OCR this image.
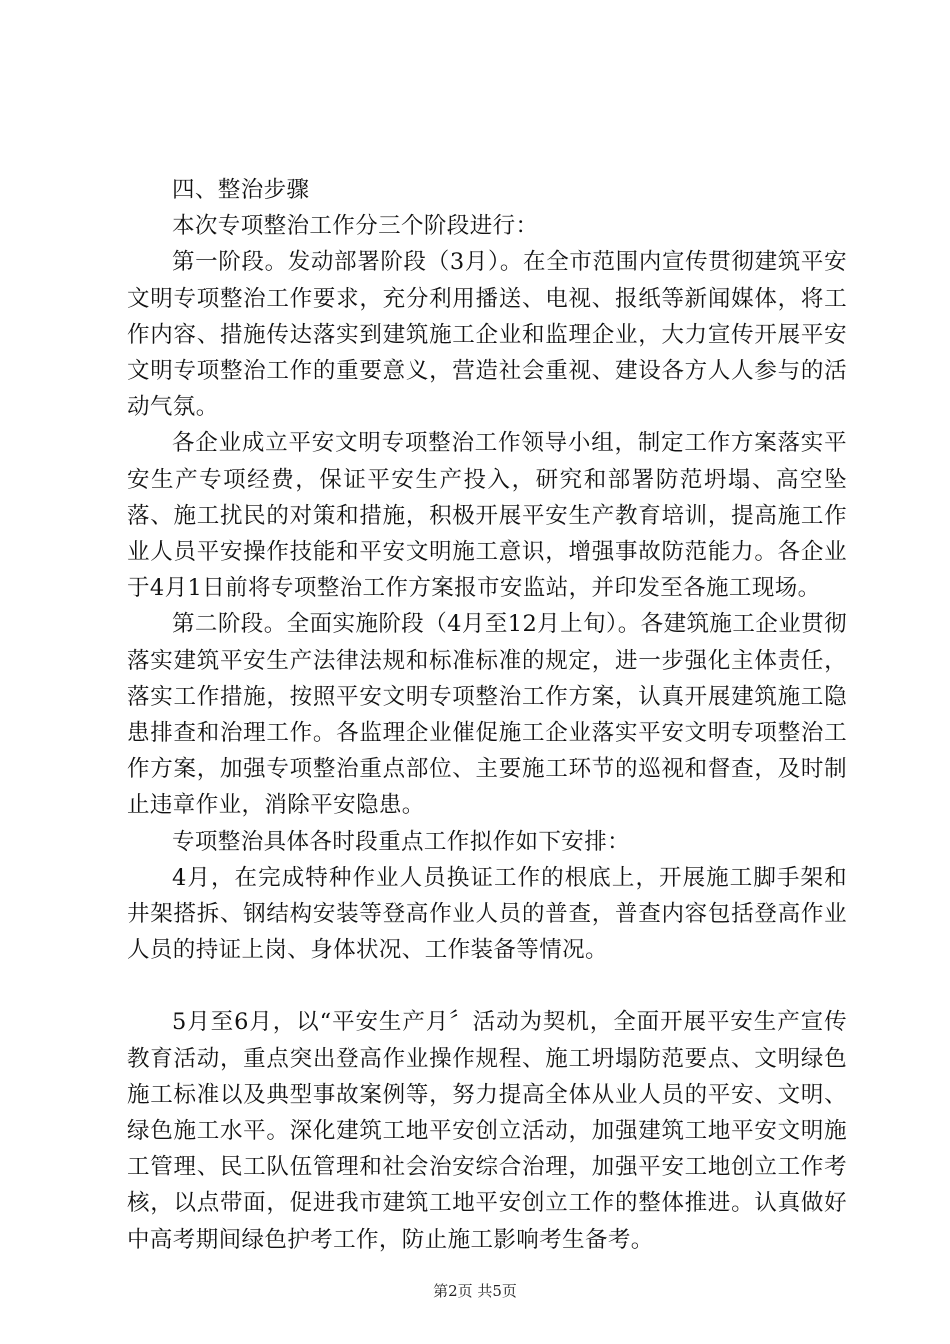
四、整治步骤

本次专项整治工作分三个阶段进行：

第一阶段。发动部署阶段（3月）。在全市范围内宣传贯彻建筑平安文明专项整治工作要求，充分利用播送、电视、报纸等新闻媒体，将工作内容、措施传达落实到建筑施工企业和监理企业，大力宣传开展平安文明专项整治工作的重要意义，营造社会重视、建设各方人人参与的活动气氛。

各企业成立平安文明专项整治工作领导小组，制定工作方案落实平安生产专项经费，保证平安生产投入，研究和部署防范坍塌、高空坠落、施工扰民的对策和措施，积极开展平安生产教育培训，提高施工作业人员平安操作技能和平安文明施工意识，增强事故防范能力。各企业于4月1日前将专项整治工作方案报市安监站，并印发至各施工现场。

第二阶段。全面实施阶段（4月至12月上旬）。各建筑施工企业贯彻落实建筑平安生产法律法规和标准标准的规定，进一步强化主体责任，落实工作措施，按照平安文明专项整治工作方案，认真开展建筑施工隐患排查和治理工作。各监理企业催促施工企业落实平安文明专项整治工作方案，加强专项整治重点部位、主要施工环节的巡视和督查，及时制止违章作业，消除平安隐患。

专项整治具体各时段重点工作拟作如下安排：

4月，在完成特种作业人员换证工作的根底上，开展施工脚手架和井架搭拆、钢结构安装等登高作业人员的普查，普查内容包括登高作业人员的持证上岗、身体状况、工作装备等情况。

5月至6月，以“平安生产月〞活动为契机，全面开展平安生产宣传教育活动，重点突出登高作业操作规程、施工坍塌防范要点、文明绿色施工标准以及典型事故案例等，努力提高全体从业人员的平安、文明、绿色施工水平。深化建筑工地平安创立活动，加强建筑工地平安文明施工管理、民工队伍管理和社会治安综合治理，加强平安工地创立工作考核，以点带面，促进我市建筑工地平安创立工作的整体推进。认真做好中高考期间绿色护考工作，防止施工影响考生备考。

第2页 共5页
